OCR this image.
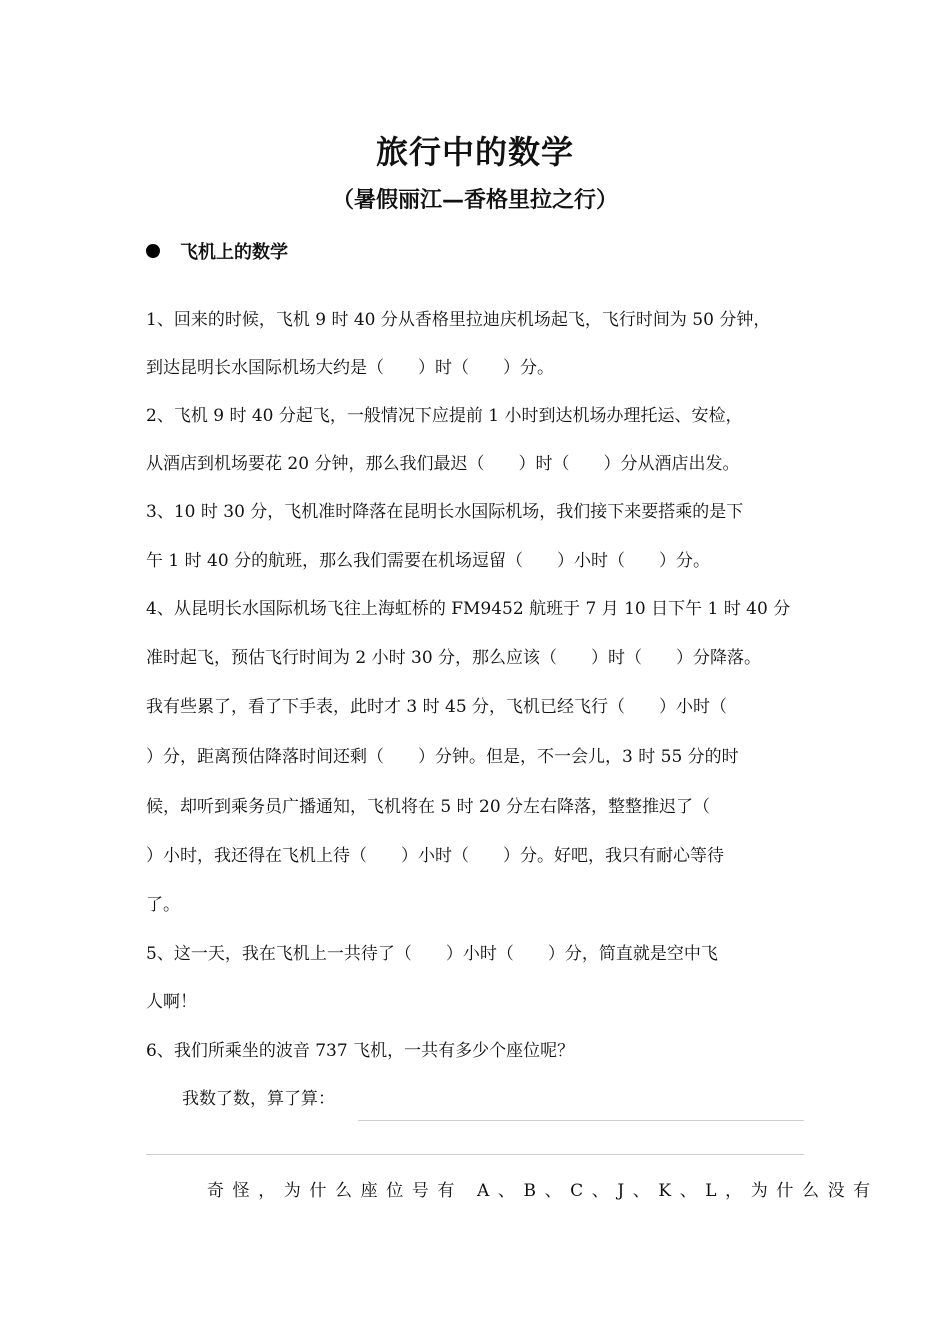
旅行中的数学
（暑假丽江—香格里拉之行）
飞机上的数学
1、回来的时候，飞机 9 时 40 分从香格里拉迪庆机场起飞，飞行时间为 50 分钟，
到达昆明长水国际机场大约是（　　）时（　　）分。
2、飞机 9 时 40 分起飞，一般情况下应提前 1 小时到达机场办理托运、安检，
从酒店到机场要花 20 分钟，那么我们最迟（　　）时（　　）分从酒店出发。
3、10 时 30 分，飞机准时降落在昆明长水国际机场，我们接下来要搭乘的是下
午 1 时 40 分的航班，那么我们需要在机场逗留（　　）小时（　　）分。
4、从昆明长水国际机场飞往上海虹桥的 FM9452 航班于 7 月 10 日下午 1 时 40 分
准时起飞，预估飞行时间为 2 小时 30 分，那么应该（　　）时（　　）分降落。
我有些累了，看了下手表，此时才 3 时 45 分，飞机已经飞行（　　）小时（
）分，距离预估降落时间还剩（　　）分钟。但是，不一会儿，3 时 55 分的时
候，却听到乘务员广播通知，飞机将在 5 时 20 分左右降落，整整推迟了（
）小时，我还得在飞机上待（　　）小时（　　）分。好吧，我只有耐心等待
了。
5、这一天，我在飞机上一共待了（　　）小时（　　）分，简直就是空中飞
人啊！
6、我们所乘坐的波音 737 飞机，一共有多少个座位呢？
我数了数，算了算：
奇怪，为什么座位号有 A、B、C、J、K、L，为什么没有
